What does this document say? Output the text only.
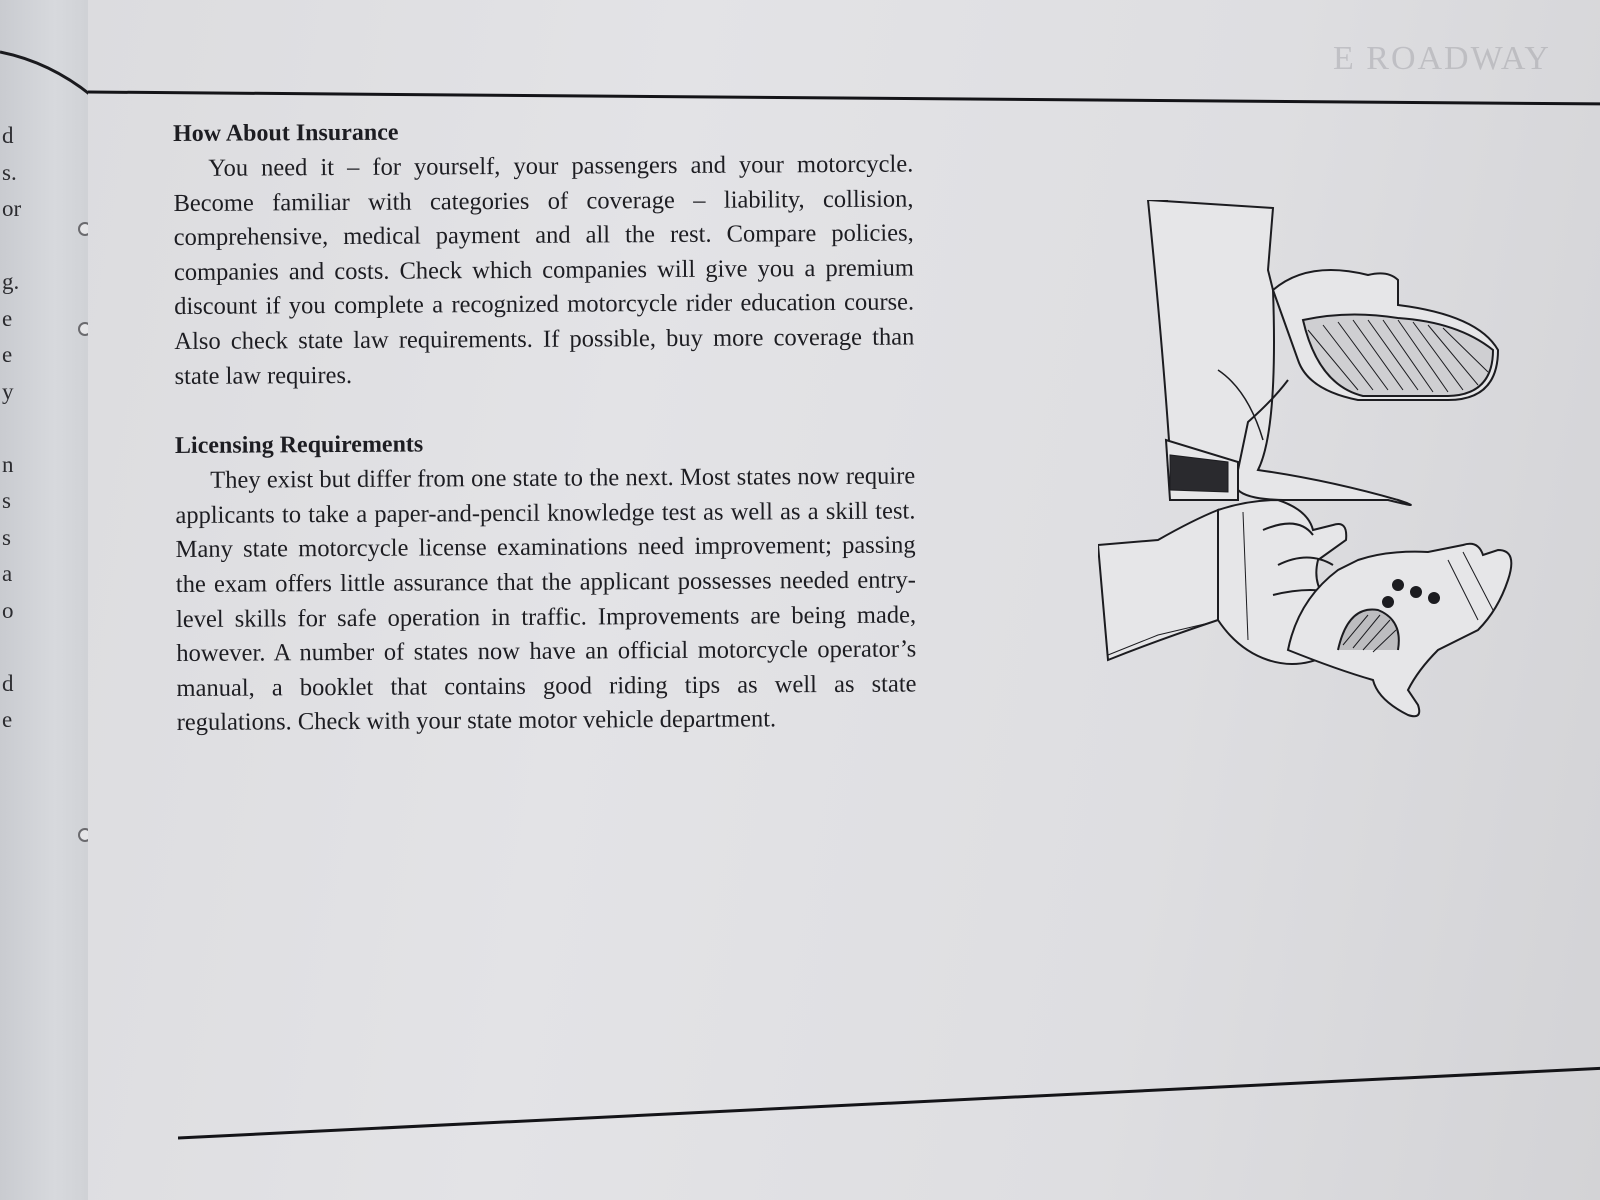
d
s.
or
g.
e
e
y
n
s
s
a
o
d
e
E ROADWAY
How About Insurance

You need it – for yourself, your passengers and your motorcycle. Become familiar with categories of coverage – liability, collision, comprehensive, medical payment and all the rest. Compare policies, companies and costs. Check which companies will give you a premium discount if you complete a recognized motorcycle rider education course. Also check state law requirements. If possible, buy more coverage than state law requires.

Licensing Requirements

They exist but differ from one state to the next. Most states now require applicants to take a paper-and-pencil knowledge test as well as a skill test. Many state motorcycle license examinations need improvement; passing the exam offers little assurance that the applicant possesses needed entry-level skills for safe operation in traffic. Improvements are being made, however. A number of states now have an official motorcycle operator’s manual, a booklet that contains good riding tips as well as state regulations. Check with your state motor vehicle department.
